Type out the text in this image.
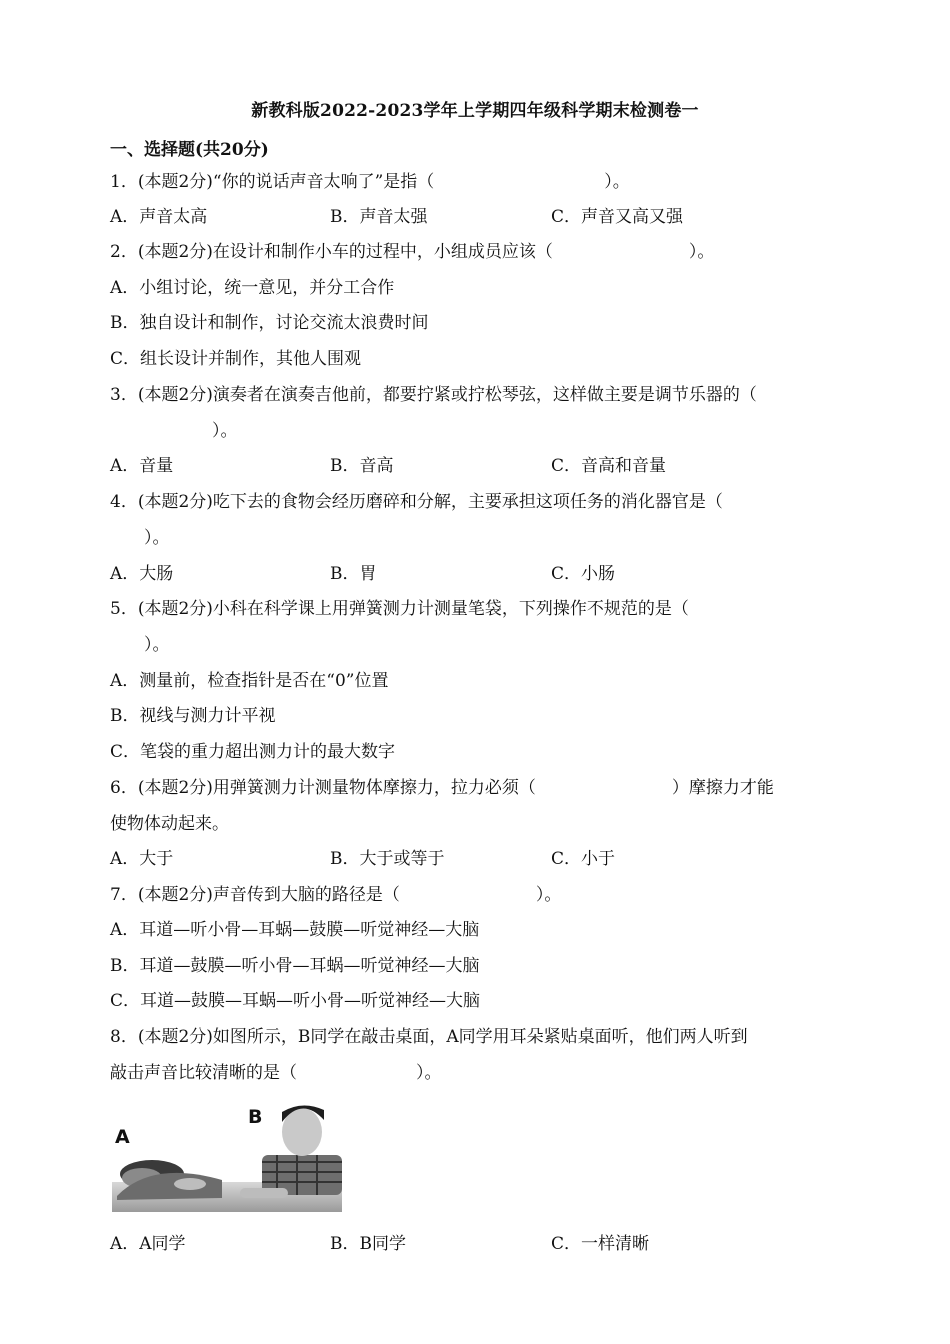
新教科版2022-2023学年上学期四年级科学期末检测卷一
一、选择题(共20分)
1．(本题2分)“你的说话声音太响了”是指（　　　　　　　　　　）。
A．声音太高	B．声音太强	C．声音又高又强
2．(本题2分)在设计和制作小车的过程中，小组成员应该（　　　　　　　　）。
A．小组讨论，统一意见，并分工合作
B．独自设计和制作，讨论交流太浪费时间
C．组长设计并制作，其他人围观
3．(本题2分)演奏者在演奏吉他前，都要拧紧或拧松琴弦，这样做主要是调节乐器的（
　　　　　　）。
A．音量	B．音高	C．音高和音量
4．(本题2分)吃下去的食物会经历磨碎和分解，主要承担这项任务的消化器官是（
　　）。
A．大肠	B．胃	C．小肠
5．(本题2分)小科在科学课上用弹簧测力计测量笔袋，下列操作不规范的是（
　　）。
A．测量前，检查指针是否在“0”位置
B．视线与测力计平视
C．笔袋的重力超出测力计的最大数字
6．(本题2分)用弹簧测力计测量物体摩擦力，拉力必须（　　　　　　　　）摩擦力才能
使物体动起来。
A．大于	B．大于或等于	C．小于
7．(本题2分)声音传到大脑的路径是（　　　　　　　　）。
A．耳道—听小骨—耳蜗—鼓膜—听觉神经—大脑
B．耳道—鼓膜—听小骨—耳蜗—听觉神经—大脑
C．耳道—鼓膜—耳蜗—听小骨—听觉神经—大脑
8．(本题2分)如图所示，B同学在敲击桌面，A同学用耳朵紧贴桌面听，他们两人听到
敲击声音比较清晰的是（　　　　　　　）。
A
B
A．A同学	B．B同学	C．一样清晰
